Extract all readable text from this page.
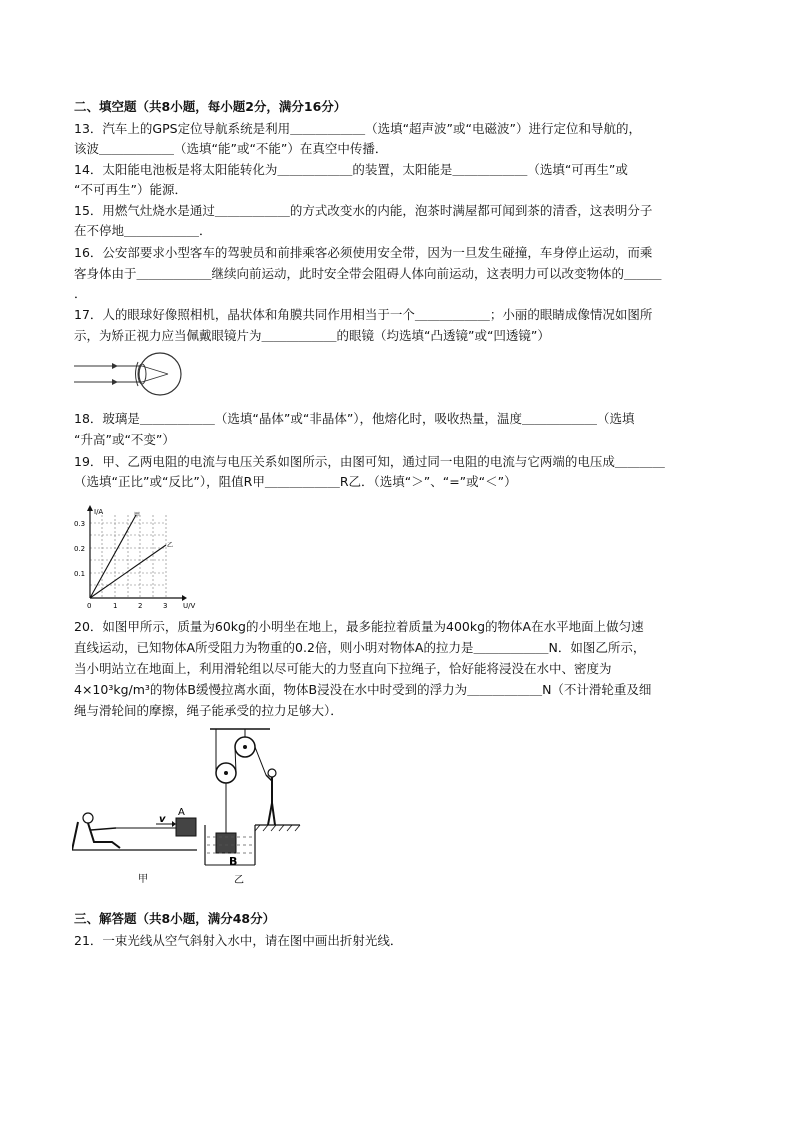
二、填空题（共8小题，每小题2分，满分16分）
13．汽车上的GPS定位导航系统是利用＿＿＿＿＿＿（选填“超声波”或“电磁波”）进行定位和导航的，
该波＿＿＿＿＿＿（选填“能”或“不能”）在真空中传播．
14．太阳能电池板是将太阳能转化为＿＿＿＿＿＿的装置，太阳能是＿＿＿＿＿＿（选填“可再生”或
“不可再生”）能源．
15．用燃气灶烧水是通过＿＿＿＿＿＿的方式改变水的内能，泡茶时满屋都可闻到茶的清香，这表明分子
在不停地＿＿＿＿＿＿．
16．公安部要求小型客车的驾驶员和前排乘客必须使用安全带，因为一旦发生碰撞，车身停止运动，而乘
客身体由于＿＿＿＿＿＿继续向前运动，此时安全带会阻碍人体向前运动，这表明力可以改变物体的＿＿＿
．
17．人的眼球好像照相机，晶状体和角膜共同作用相当于一个＿＿＿＿＿＿；小丽的眼睛成像情况如图所
示，为矫正视力应当佩戴眼镜片为＿＿＿＿＿＿的眼镜（均选填“凸透镜”或“凹透镜”）
18．玻璃是＿＿＿＿＿＿（选填“晶体”或“非晶体”），他熔化时，吸收热量，温度＿＿＿＿＿＿（选填
“升高”或“不变”）
19．甲、乙两电阻的电流与电压关系如图所示，由图可知，通过同一电阻的电流与它两端的电压成＿＿＿＿
（选填“正比”或“反比”），阻值R甲＿＿＿＿＿＿R乙．（选填“＞”、“=”或“＜”）
I/A
U/V
0.3
0.2
0.1
0	1	2	3
甲
乙
20．如图甲所示，质量为60kg的小明坐在地上，最多能拉着质量为400kg的物体A在水平地面上做匀速
直线运动，已知物体A所受阻力为物重的0.2倍，则小明对物体A的拉力是＿＿＿＿＿＿N．如图乙所示，
当小明站立在地面上，利用滑轮组以尽可能大的力竖直向下拉绳子，恰好能将浸没在水中、密度为
4×10³kg/m³的物体B缓慢拉离水面，物体B浸没在水中时受到的浮力为＿＿＿＿＿＿N（不计滑轮重及细
绳与滑轮间的摩擦，绳子能承受的拉力足够大）．
A
v
甲
B
乙
三、解答题（共8小题，满分48分）
21．一束光线从空气斜射入水中，请在图中画出折射光线．
